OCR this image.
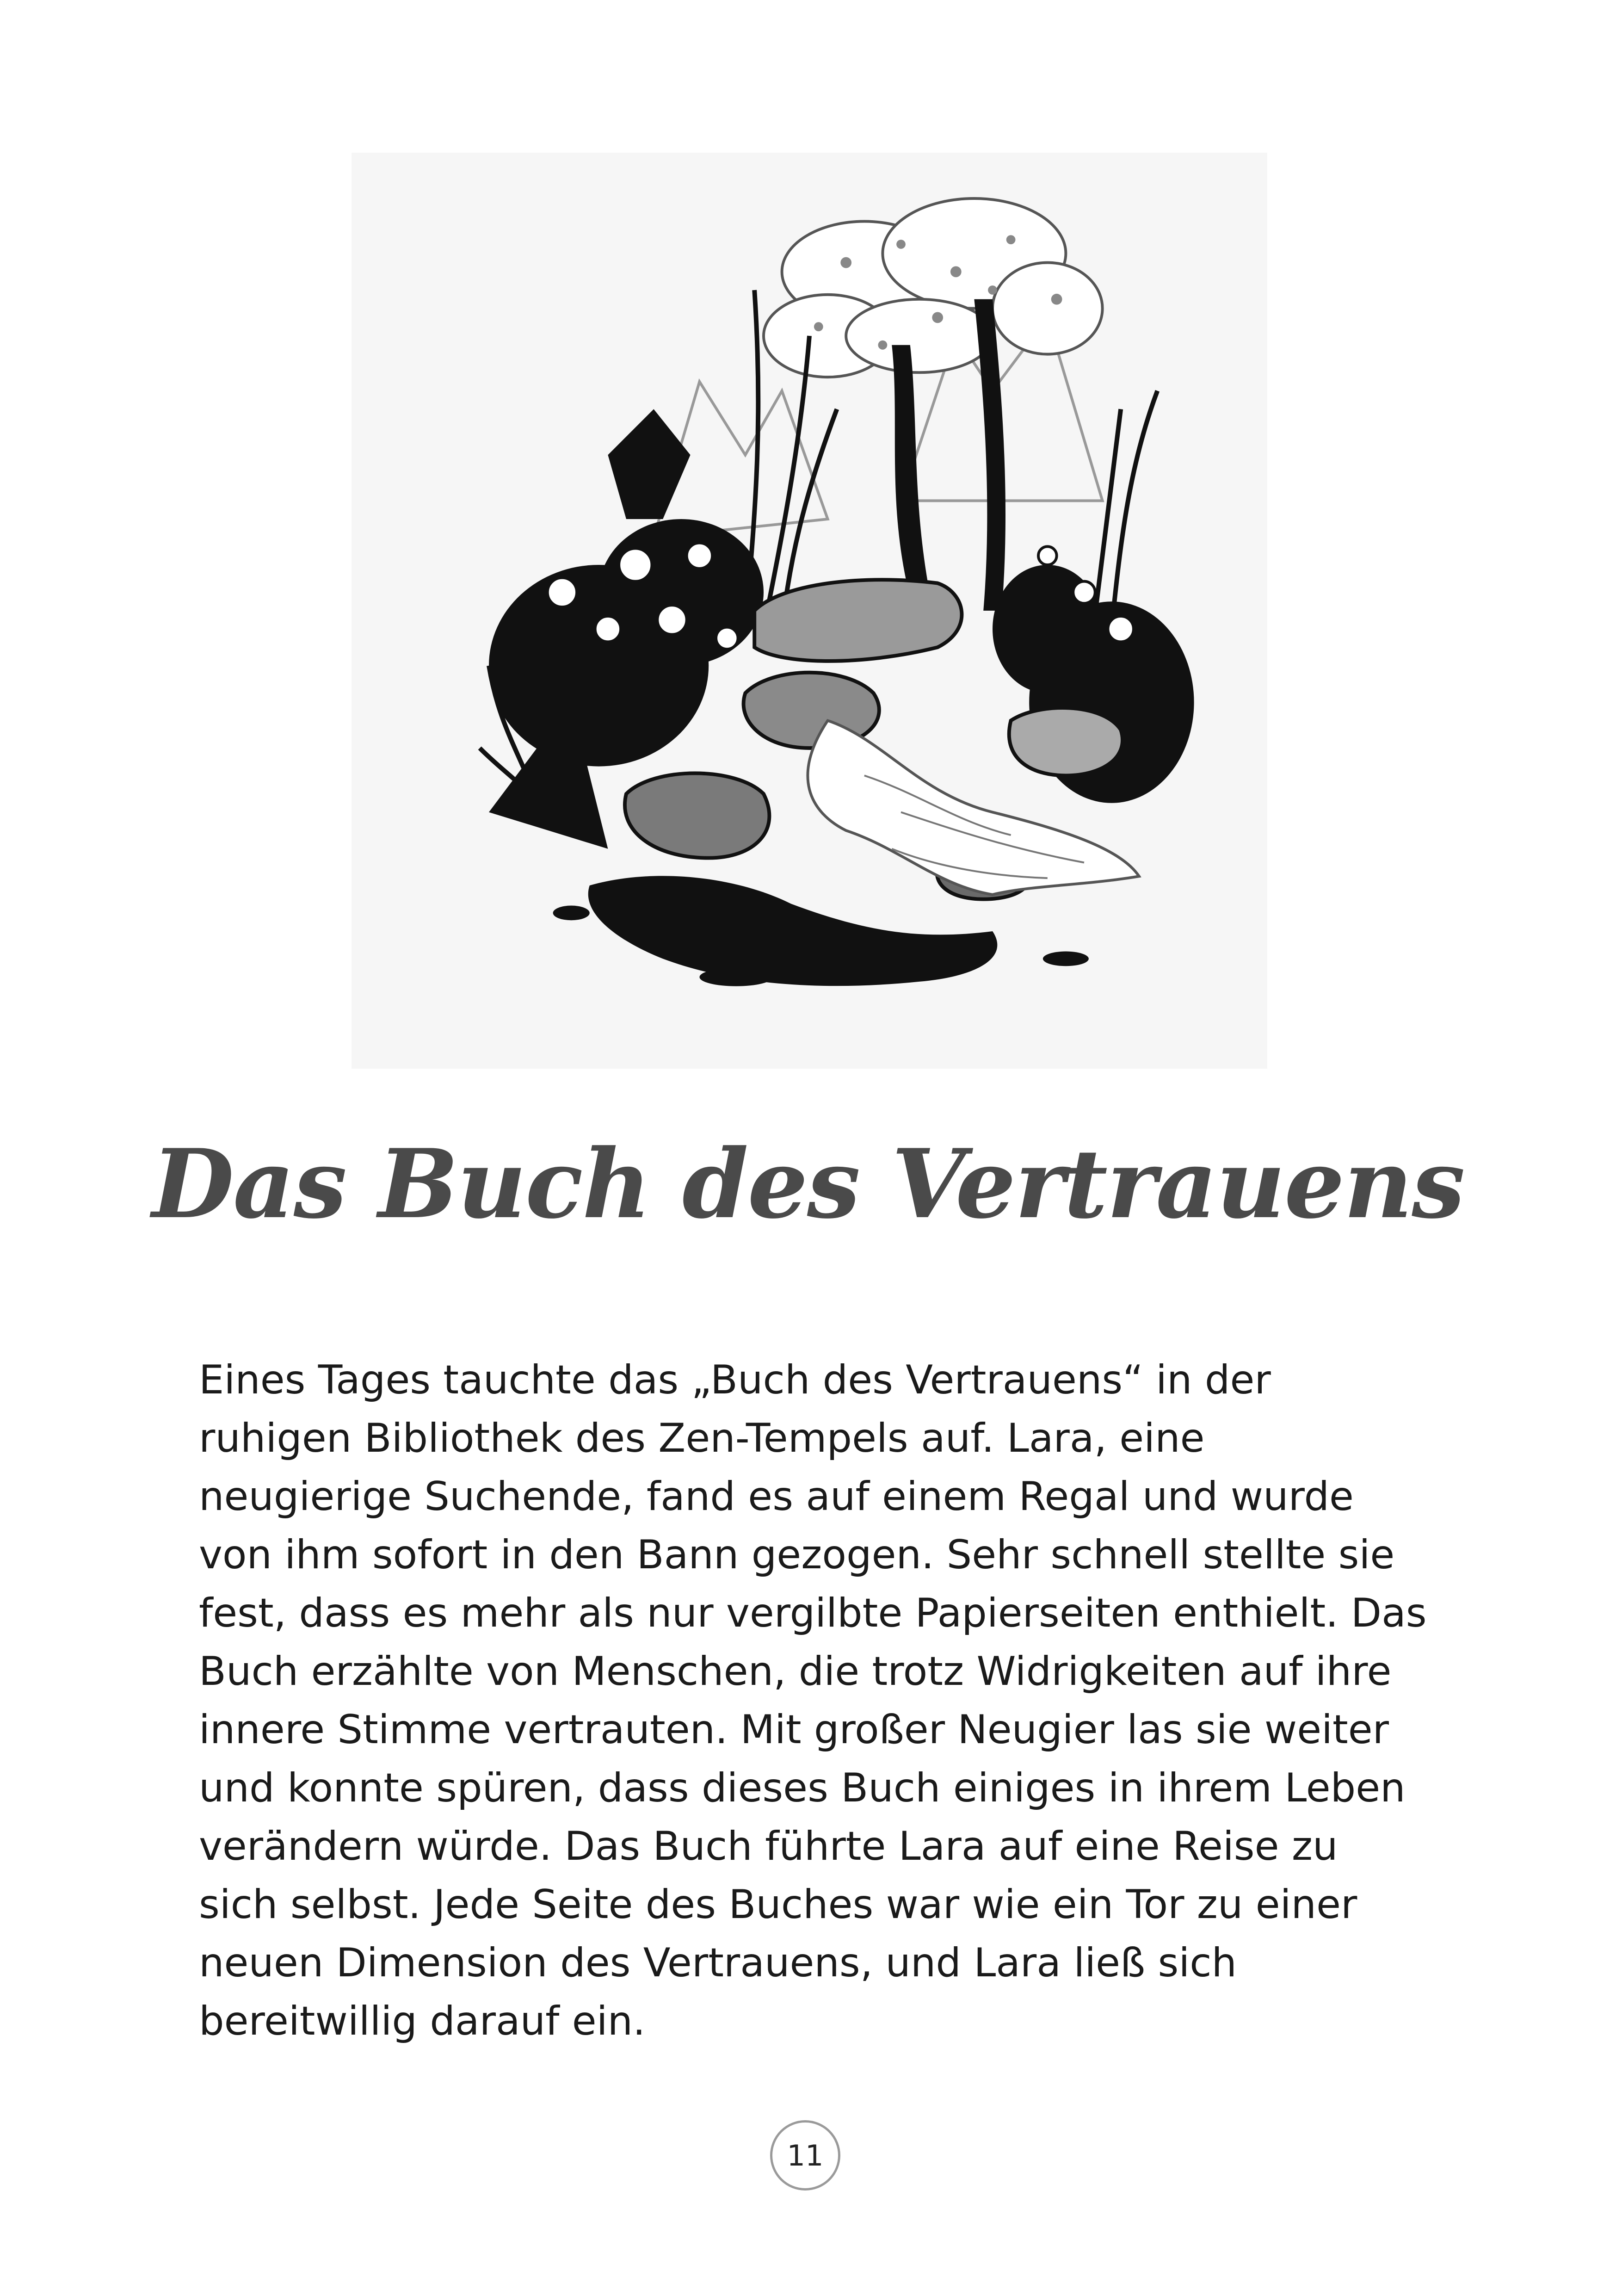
Das Buch des Vertrauens

Eines Tages tauchte das „Buch des Vertrauens“ in der
ruhigen Bibliothek des Zen-Tempels auf. Lara, eine
neugierige Suchende, fand es auf einem Regal und wurde
von ihm sofort in den Bann gezogen. Sehr schnell stellte sie
fest, dass es mehr als nur vergilbte Papierseiten enthielt. Das
Buch erzählte von Menschen, die trotz Widrigkeiten auf ihre
innere Stimme vertrauten. Mit großer Neugier las sie weiter
und konnte spüren, dass dieses Buch einiges in ihrem Leben
verändern würde. Das Buch führte Lara auf eine Reise zu
sich selbst. Jede Seite des Buches war wie ein Tor zu einer
neuen Dimension des Vertrauens, und Lara ließ sich
bereitwillig darauf ein.

11
